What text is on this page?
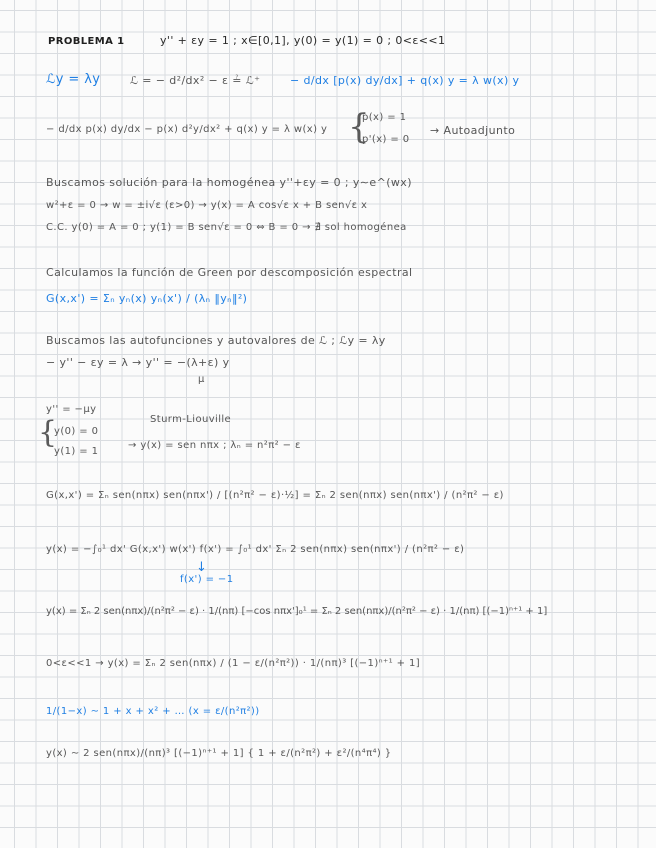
PROBLEMA 1	y'' + εy = 1 ; x∈[0,1], y(0) = y(1) = 0 ; 0<ε<<1
ℒy = λy	ℒ = − d²/dx² − ε ≟ ℒ⁺	− d/dx [p(x) dy/dx] + q(x) y = λ w(x) y
− d/dx p(x) dy/dx − p(x) d²y/dx² + q(x) y = λ w(x) y {
p(x) = 1
p'(x) = 0
→ Autoadjunto
Buscamos solución para la homogénea y''+εy = 0 ; y∼e^(wx)
w²+ε = 0 → w = ±i√ε (ε>0) → y(x) = A cos√ε x + B sen√ε x
C.C. y(0) = A = 0 ; y(1) = B sen√ε = 0 ⇔ B = 0 → ∄ sol homogénea
Calculamos la función de Green por descomposición espectral
G(x,x') = Σₙ yₙ(x) yₙ(x') / (λₙ ‖yₙ‖²)
Buscamos las autofunciones y autovalores de ℒ ; ℒy = λy
− y'' − εy = λ → y'' = −(λ+ε) y
μ
y'' = −μy
{
y(0) = 0
y(1) = 1
Sturm-Liouville
→ y(x) = sen nπx ; λₙ = n²π² − ε
G(x,x') = Σₙ sen(nπx) sen(nπx') / [(n²π² − ε)·½] = Σₙ 2 sen(nπx) sen(nπx') / (n²π² − ε)
y(x) = −∫₀¹ dx' G(x,x') w(x') f(x') = ∫₀¹ dx' Σₙ 2 sen(nπx) sen(nπx') / (n²π² − ε)
↓
f(x') = −1
y(x) = Σₙ 2 sen(nπx)/(n²π² − ε) · 1/(nπ) [−cos nπx']₀¹ = Σₙ 2 sen(nπx)/(n²π² − ε) · 1/(nπ) [(−1)ⁿ⁺¹ + 1]
0<ε<<1 → y(x) = Σₙ 2 sen(nπx) / (1 − ε/(n²π²)) · 1/(nπ)³ [(−1)ⁿ⁺¹ + 1]
1/(1−x) ∼ 1 + x + x² + … (x = ε/(n²π²))
y(x) ∼ 2 sen(nπx)/(nπ)³ [(−1)ⁿ⁺¹ + 1] { 1 + ε/(n²π²) + ε²/(n⁴π⁴) }
